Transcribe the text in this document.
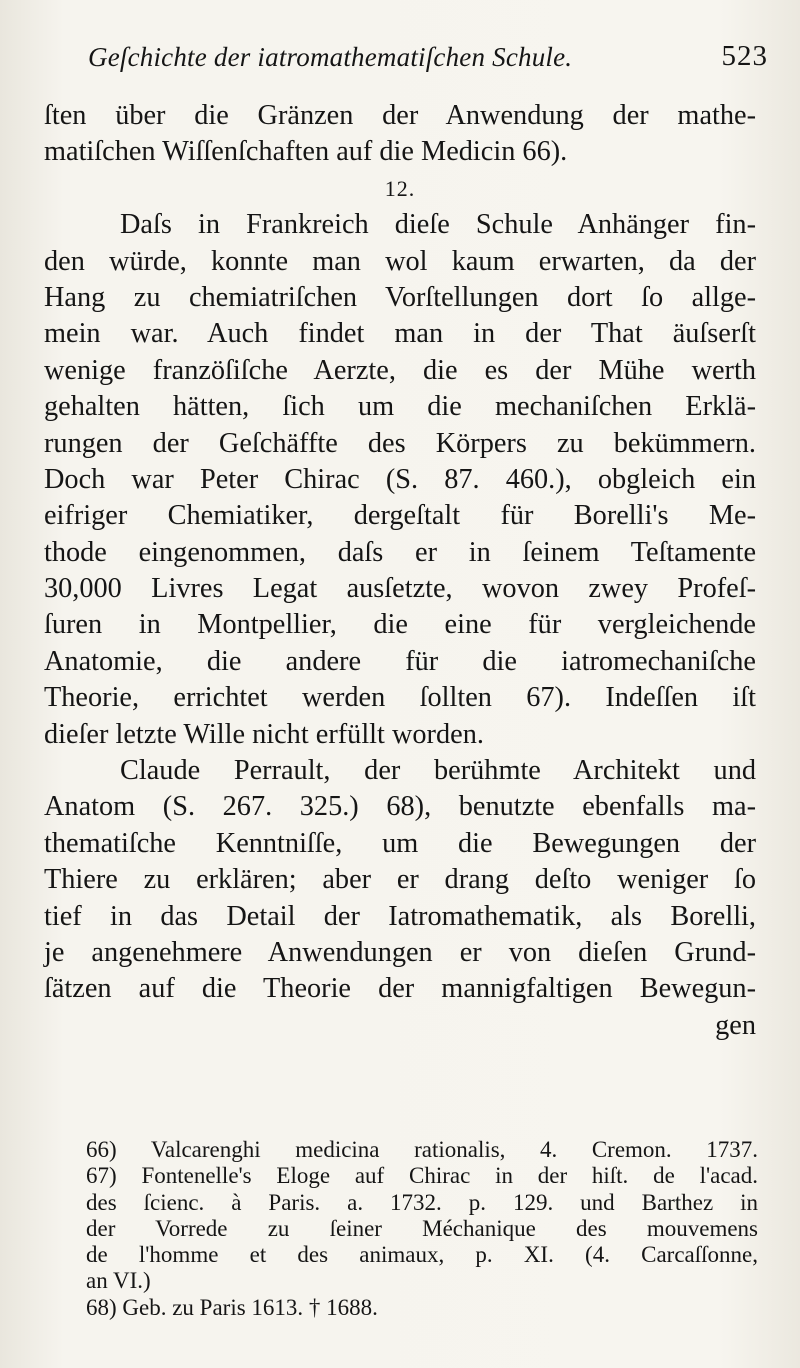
Geſchichte der iatromathematiſchen Schule.	523
ſten über die Gränzen der Anwendung der mathe-
matiſchen Wiſſenſchaften auf die Medicin 66).
12.
Daſs in Frankreich dieſe Schule Anhänger fin-
den würde, konnte man wol kaum erwarten, da der
Hang zu chemiatriſchen Vorſtellungen dort ſo allge-
mein war. Auch findet man in der That äuſserſt
wenige franzöſiſche Aerzte, die es der Mühe werth
gehalten hätten, ſich um die mechaniſchen Erklä-
rungen der Geſchäffte des Körpers zu bekümmern.
Doch war Peter Chirac (S. 87. 460.), obgleich ein
eifriger Chemiatiker, dergeſtalt für Borelli's Me-
thode eingenommen, daſs er in ſeinem Teſtamente
30,000 Livres Legat ausſetzte, wovon zwey Profeſ-
ſuren in Montpellier, die eine für vergleichende
Anatomie, die andere für die iatromechaniſche
Theorie, errichtet werden ſollten 67). Indeſſen iſt
dieſer letzte Wille nicht erfüllt worden.
Claude Perrault, der berühmte Architekt und
Anatom (S. 267. 325.) 68), benutzte ebenfalls ma-
thematiſche Kenntniſſe, um die Bewegungen der
Thiere zu erklären; aber er drang deſto weniger ſo
tief in das Detail der Iatromathematik, als Borelli,
je angenehmere Anwendungen er von dieſen Grund-
ſätzen auf die Theorie der mannigfaltigen Bewegun-
gen
66) Valcarenghi medicina rationalis, 4. Cremon. 1737.
67) Fontenelle's Eloge auf Chirac in der hiſt. de l'acad.
des ſcienc. à Paris. a. 1732. p. 129. und Barthez in
der Vorrede zu ſeiner Méchanique des mouvemens
de l'homme et des animaux, p. XI. (4. Carcaſſonne,
an VI.)
68) Geb. zu Paris 1613. † 1688.
